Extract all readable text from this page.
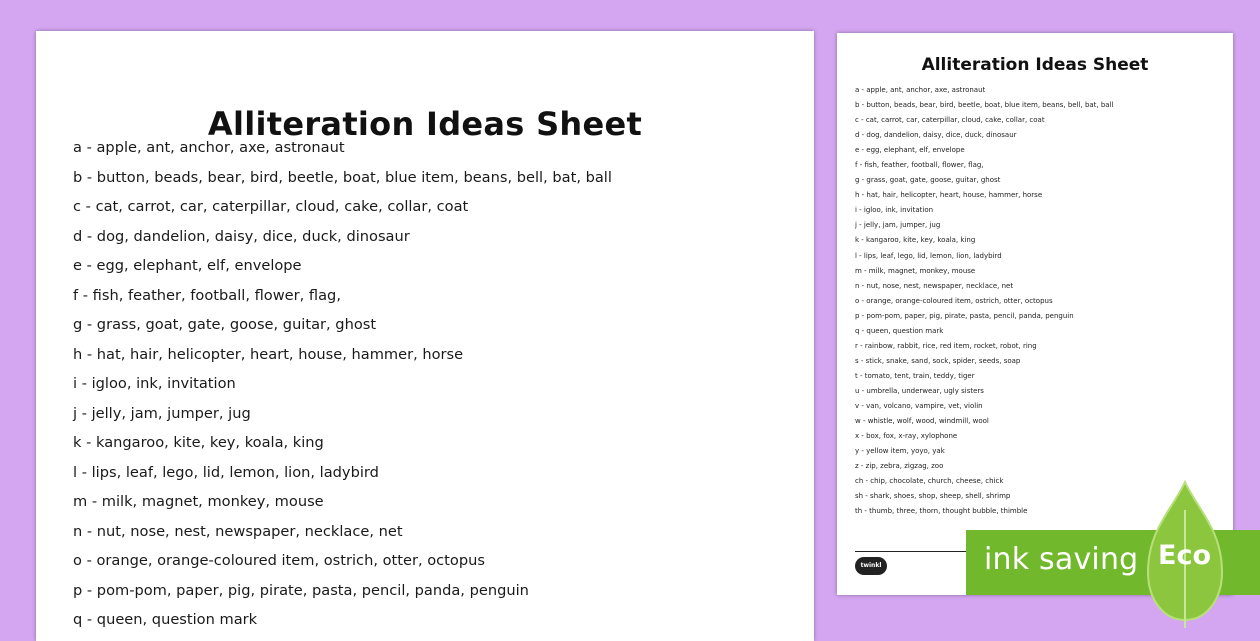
Alliteration Ideas Sheet
a - apple, ant, anchor, axe, astronaut
b - button, beads, bear, bird, beetle, boat, blue item, beans, bell, bat, ball
c - cat, carrot, car, caterpillar, cloud, cake, collar, coat
d - dog, dandelion, daisy, dice, duck, dinosaur
e - egg, elephant, elf, envelope
f - fish, feather, football, flower, flag,
g - grass, goat, gate, goose, guitar, ghost
h - hat, hair, helicopter, heart, house, hammer, horse
i - igloo, ink, invitation
j - jelly, jam, jumper, jug
k - kangaroo, kite, key, koala, king
l - lips, leaf, lego, lid, lemon, lion, ladybird
m - milk, magnet, monkey, mouse
n - nut, nose, nest, newspaper, necklace, net
o - orange, orange-coloured item, ostrich, otter, octopus
p - pom-pom, paper, pig, pirate, pasta, pencil, panda, penguin
q - queen, question mark
Alliteration Ideas Sheet
a - apple, ant, anchor, axe, astronaut
b - button, beads, bear, bird, beetle, boat, blue item, beans, bell, bat, ball
c - cat, carrot, car, caterpillar, cloud, cake, collar, coat
d - dog, dandelion, daisy, dice, duck, dinosaur
e - egg, elephant, elf, envelope
f - fish, feather, football, flower, flag,
g - grass, goat, gate, goose, guitar, ghost
h - hat, hair, helicopter, heart, house, hammer, horse
i - igloo, ink, invitation
j - jelly, jam, jumper, jug
k - kangaroo, kite, key, koala, king
l - lips, leaf, lego, lid, lemon, lion, ladybird
m - milk, magnet, monkey, mouse
n - nut, nose, nest, newspaper, necklace, net
o - orange, orange-coloured item, ostrich, otter, octopus
p - pom-pom, paper, pig, pirate, pasta, pencil, panda, penguin
q - queen, question mark
r - rainbow, rabbit, rice, red item, rocket, robot, ring
s - stick, snake, sand, sock, spider, seeds, soap
t - tomato, tent, train, teddy, tiger
u - umbrella, underwear, ugly sisters
v - van, volcano, vampire, vet, violin
w - whistle, wolf, wood, windmill, wool
x - box, fox, x-ray, xylophone
y - yellow item, yoyo, yak
z - zip, zebra, zigzag, zoo
ch - chip, chocolate, church, cheese, chick
sh - shark, shoes, shop, sheep, shell, shrimp
th - thumb, three, thorn, thought bubble, thimble
twinkl	ink saving Eco
